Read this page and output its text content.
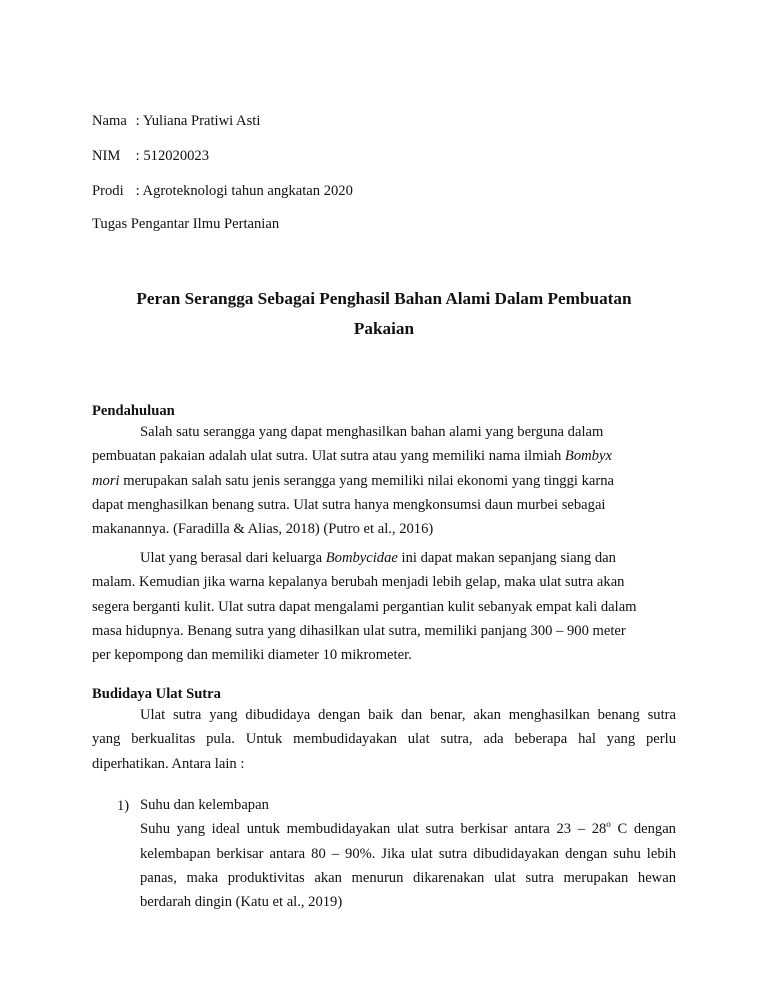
Nama : Yuliana Pratiwi Asti
NIM : 512020023
Prodi : Agroteknologi tahun angkatan 2020
Tugas Pengantar Ilmu Pertanian
Peran Serangga Sebagai Penghasil Bahan Alami Dalam Pembuatan
Pakaian
Pendahuluan
Salah satu serangga yang dapat menghasilkan bahan alami yang berguna dalam
pembuatan pakaian adalah ulat sutra. Ulat sutra atau yang memiliki nama ilmiah Bombyx
mori merupakan salah satu jenis serangga yang memiliki nilai ekonomi yang tinggi karna
dapat menghasilkan benang sutra. Ulat sutra hanya mengkonsumsi daun murbei sebagai
makanannya. (Faradilla & Alias, 2018) (Putro et al., 2016)
Ulat yang berasal dari keluarga Bombycidae ini dapat makan sepanjang siang dan
malam. Kemudian jika warna kepalanya berubah menjadi lebih gelap, maka ulat sutra akan
segera berganti kulit. Ulat sutra dapat mengalami pergantian kulit sebanyak empat kali dalam
masa hidupnya. Benang sutra yang dihasilkan ulat sutra, memiliki panjang 300 – 900 meter
per kepompong dan memiliki diameter 10 mikrometer.
Budidaya Ulat Sutra
Ulat sutra yang dibudidaya dengan baik dan benar, akan menghasilkan benang sutra
yang berkualitas pula. Untuk membudidayakan ulat sutra, ada beberapa hal yang perlu
diperhatikan. Antara lain :
1) Suhu dan kelembapan
Suhu yang ideal untuk membudidayakan ulat sutra berkisar antara 23 – 28$^o$ C dengan
kelembapan berkisar antara 80 – 90%. Jika ulat sutra dibudidayakan dengan suhu lebih
panas, maka produktivitas akan menurun dikarenakan ulat sutra merupakan hewan
berdarah dingin (Katu et al., 2019)
